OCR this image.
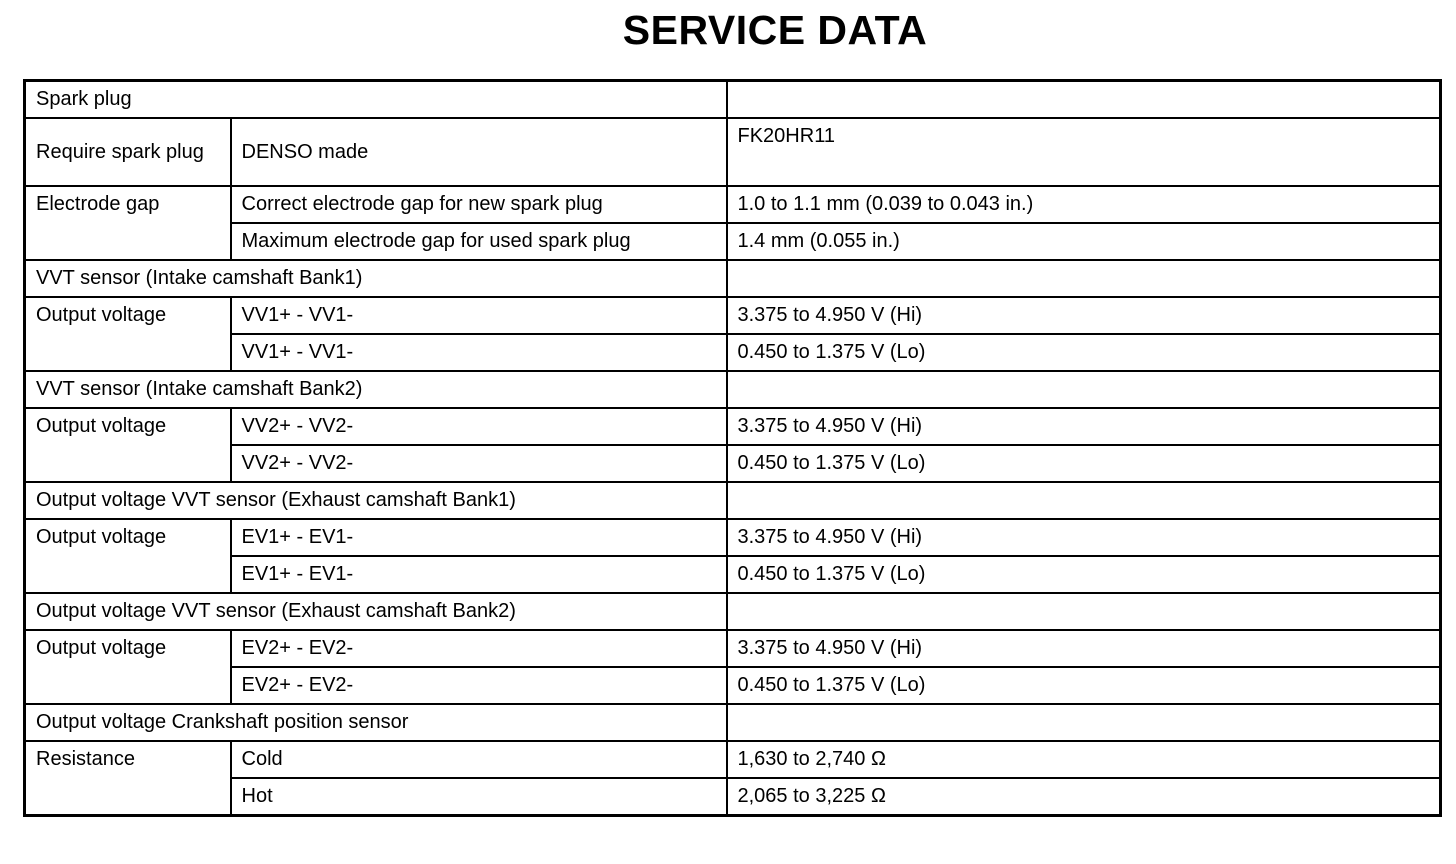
SERVICE DATA
Spark plug		
Require spark plug	DENSO made	FK20HR11
Electrode gap	Correct electrode gap for new spark plug	1.0 to 1.1 mm (0.039 to 0.043 in.)
	Maximum electrode gap for used spark plug	1.4 mm (0.055 in.)
VVT sensor (Intake camshaft Bank1)		
Output voltage	VV1+ - VV1-	3.375 to 4.950 V (Hi)
	VV1+ - VV1-	0.450 to 1.375 V (Lo)
VVT sensor (Intake camshaft Bank2)		
Output voltage	VV2+ - VV2-	3.375 to 4.950 V (Hi)
	VV2+ - VV2-	0.450 to 1.375 V (Lo)
Output voltage VVT sensor (Exhaust camshaft Bank1)		
Output voltage	EV1+ - EV1-	3.375 to 4.950 V (Hi)
	EV1+ - EV1-	0.450 to 1.375 V (Lo)
Output voltage VVT sensor (Exhaust camshaft Bank2)		
Output voltage	EV2+ - EV2-	3.375 to 4.950 V (Hi)
	EV2+ - EV2-	0.450 to 1.375 V (Lo)
Output voltage Crankshaft position sensor		
Resistance	Cold	1,630 to 2,740 Ω
	Hot	2,065 to 3,225 Ω
